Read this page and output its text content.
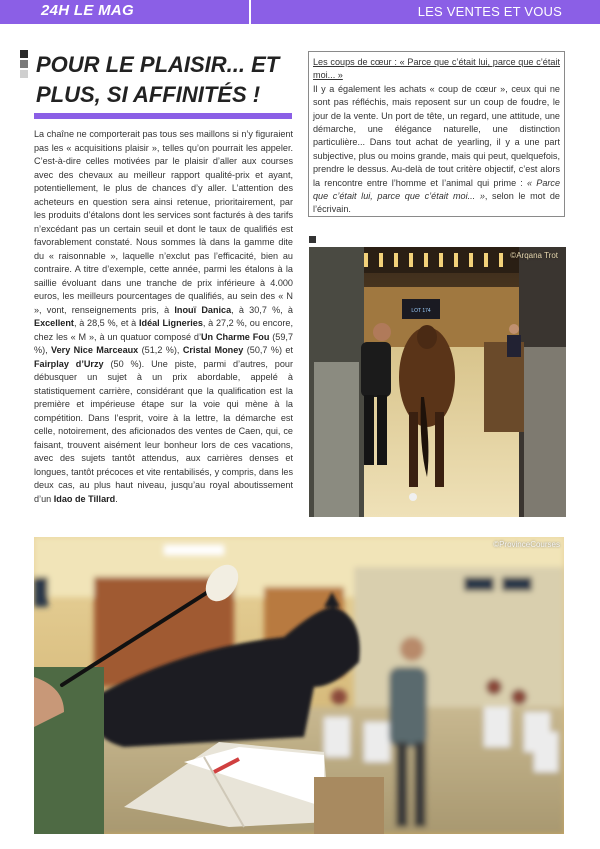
24H LE MAG	LES VENTES ET VOUS
POUR LE PLAISIR... ET PLUS, SI AFFINITÉS !
La chaîne ne comporterait pas tous ses maillons si n’y figuraient pas les « acquisitions plaisir », telles qu’on pourrait les appeler. C’est-à-dire celles motivées par le plaisir d’aller aux courses avec des chevaux au meilleur rapport qualité-prix et ayant, potentiellement, le plus de chances d’y aller. L’attention des acheteurs en question sera ainsi retenue, prioritairement, par les produits d’étalons dont les services sont facturés à des tarifs n’excédant pas un certain seuil et dont le taux de qualifiés est favorablement constaté. Nous sommes là dans la gamme dite du « raisonnable », laquelle n’exclut pas l’efficacité, bien au contraire. A titre d’exemple, cette année, parmi les étalons à la saillie évoluant dans une tranche de prix inférieure à 4.000 euros, les meilleurs pourcentages de qualifiés, au sein des « N », vont, renseignements pris, à Inouï Danica, à 30,7 %, à Excellent, à 28,5 %, et à Idéal Ligneries, à 27,2 %, ou encore, chez les « M », à un quatuor composé d’Un Charme Fou (59,7 %), Very Nice Marceaux (51,2 %), Cristal Money (50,7 %) et Fairplay d’Urzy (50 %). Une piste, parmi d’autres, pour débusquer un sujet à un prix abordable, appelé à statistiquement carrière, considérant que la qualification est la première et impérieuse étape sur la voie qui mène à la compétition. Dans l’esprit, voire à la lettre, la démarche est celle, notoirement, des aficionados des ventes de Caen, qui, ce faisant, trouvent aisément leur bonheur lors de ces vacations, avec des sujets tantôt attendus, aux carrières denses et longues, tantôt précoces et vite rentabilisés, y compris, dans les deux cas, au plus haut niveau, jusqu’au royal aboutissement d’un Idao de Tillard.
Les coups de cœur : « Parce que c’était lui, parce que c’était moi... »
Il y a également les achats « coup de cœur », ceux qui ne sont pas réfléchis, mais reposent sur un coup de foudre, le jour de la vente. Un port de tête, un regard, une attitude, une démarche, une élégance naturelle, une distinction particulière... Dans tout achat de yearling, il y a une part subjective, plus ou moins grande, mais qui peut, quelquefois, prendre le dessus. Au-delà de tout critère objectif, c’est alors la rencontre entre l’homme et l’animal qui prime : « Parce que c’était lui, parce que c’était moi... », selon le mot de l’écrivain.
LOT 174
©Arqana Trot
©ProvinceCourses
